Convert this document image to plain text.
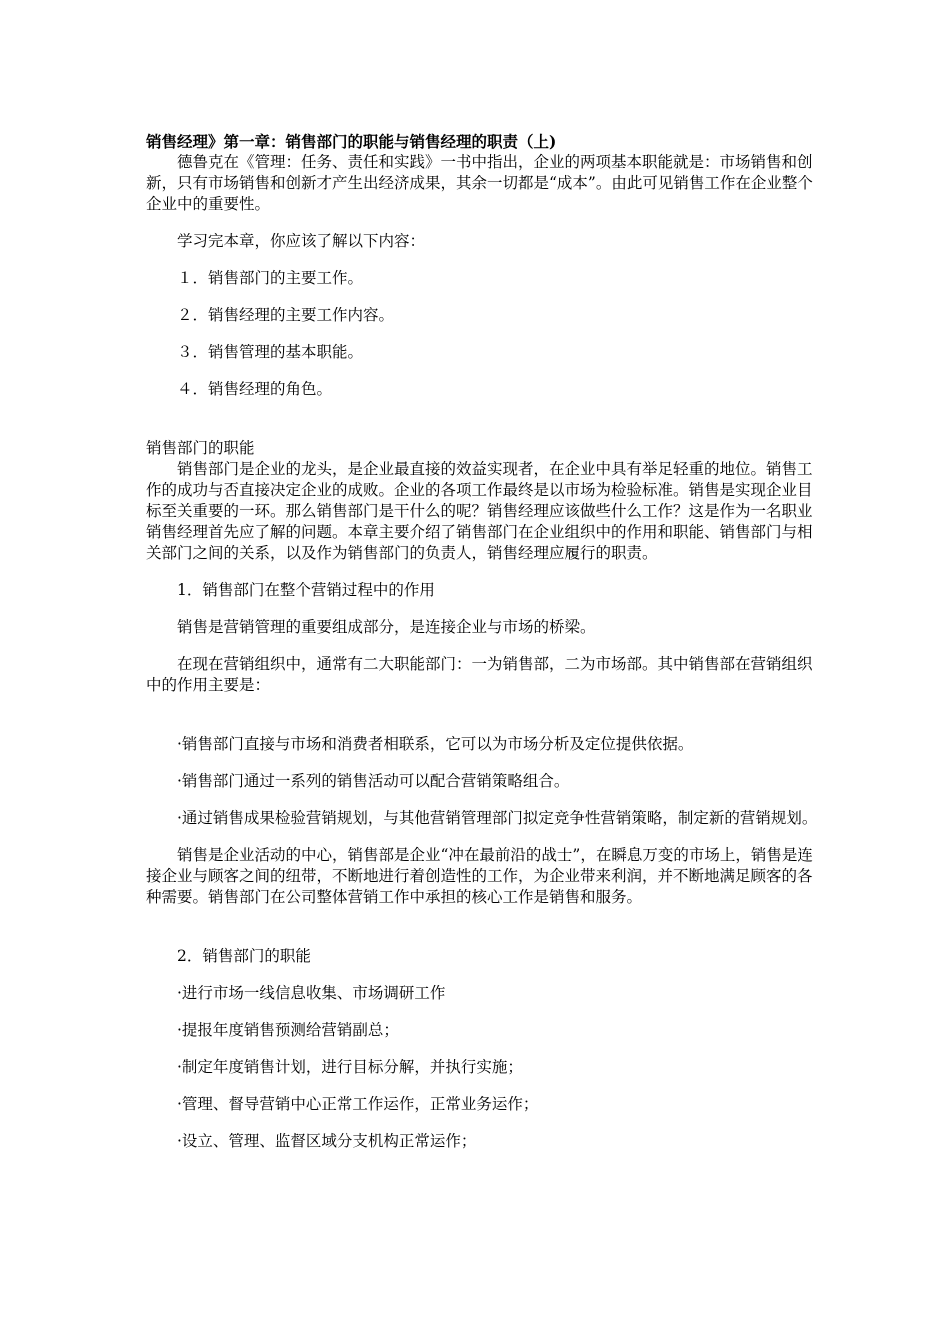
销售经理》第一章：销售部门的职能与销售经理的职责（上)

德鲁克在《管理：任务、责任和实践》一书中指出，企业的两项基本职能就是：市场销售和创新，只有市场销售和创新才产生出经济成果，其余一切都是“成本”。由此可见销售工作在企业整个企业中的重要性。

学习完本章，你应该了解以下内容：

１．销售部门的主要工作。

２．销售经理的主要工作内容。

３．销售管理的基本职能。

４．销售经理的角色。

销售部门的职能

销售部门是企业的龙头，是企业最直接的效益实现者，在企业中具有举足轻重的地位。销售工作的成功与否直接决定企业的成败。企业的各项工作最终是以市场为检验标准。销售是实现企业目标至关重要的一环。那么销售部门是干什么的呢？销售经理应该做些什么工作？这是作为一名职业销售经理首先应了解的问题。本章主要介绍了销售部门在企业组织中的作用和职能、销售部门与相关部门之间的关系，以及作为销售部门的负责人，销售经理应履行的职责。

1．销售部门在整个营销过程中的作用

销售是营销管理的重要组成部分，是连接企业与市场的桥梁。

在现在营销组织中，通常有二大职能部门：一为销售部，二为市场部。其中销售部在营销组织中的作用主要是：

·销售部门直接与市场和消费者相联系，它可以为市场分析及定位提供依据。

·销售部门通过一系列的销售活动可以配合营销策略组合。

·通过销售成果检验营销规划，与其他营销管理部门拟定竞争性营销策略，制定新的营销规划。

销售是企业活动的中心，销售部是企业“冲在最前沿的战士”，在瞬息万变的市场上，销售是连接企业与顾客之间的纽带，不断地进行着创造性的工作，为企业带来利润，并不断地满足顾客的各种需要。销售部门在公司整体营销工作中承担的核心工作是销售和服务。

2．销售部门的职能

·进行市场一线信息收集、市场调研工作

·提报年度销售预测给营销副总；

·制定年度销售计划，进行目标分解，并执行实施；

·管理、督导营销中心正常工作运作，正常业务运作；

·设立、管理、监督区域分支机构正常运作；
